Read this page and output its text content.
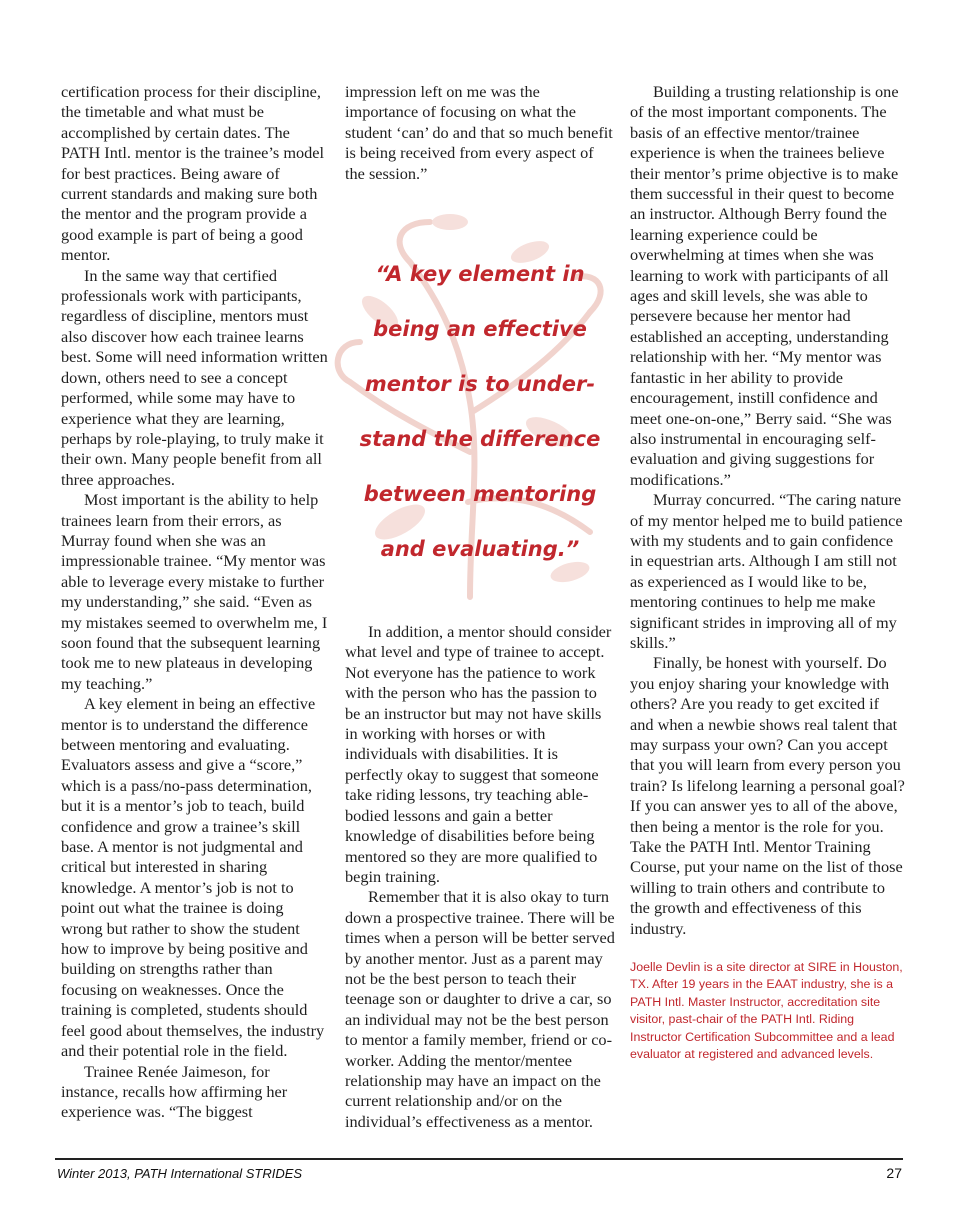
certification process for their discipline, the timetable and what must be accomplished by certain dates. The PATH Intl. mentor is the trainee’s model for best practices. Being aware of current standards and making sure both the mentor and the program provide a good example is part of being a good mentor.

In the same way that certified professionals work with participants, regardless of discipline, mentors must also discover how each trainee learns best. Some will need information written down, others need to see a concept performed, while some may have to experience what they are learning, perhaps by role-playing, to truly make it their own. Many people benefit from all three approaches.

Most important is the ability to help trainees learn from their errors, as Murray found when she was an impressionable trainee. “My mentor was able to leverage every mistake to further my understanding,” she said. “Even as my mistakes seemed to overwhelm me, I soon found that the subsequent learning took me to new plateaus in developing my teaching.”

A key element in being an effective mentor is to understand the difference between mentoring and evaluating. Evaluators assess and give a “score,” which is a pass/no-pass determination, but it is a mentor’s job to teach, build confidence and grow a trainee’s skill base. A mentor is not judgmental and critical but interested in sharing knowledge. A mentor’s job is not to point out what the trainee is doing wrong but rather to show the student how to improve by being positive and building on strengths rather than focusing on weaknesses. Once the training is completed, students should feel good about themselves, the industry and their potential role in the field.

Trainee Renée Jaimeson, for instance, recalls how affirming her experience was. “The biggest

impression left on me was the importance of focusing on what the student ‘can’ do and that so much benefit is being received from every aspect of the session.”

“A key element in
being an effective
mentor is to under-
stand the difference
between mentoring
and evaluating.”

In addition, a mentor should consider what level and type of trainee to accept. Not everyone has the patience to work with the person who has the passion to be an instructor but may not have skills in working with horses or with individuals with disabilities. It is perfectly okay to suggest that someone take riding lessons, try teaching able-bodied lessons and gain a better knowledge of disabilities before being mentored so they are more qualified to begin training.

Remember that it is also okay to turn down a prospective trainee. There will be times when a person will be better served by another mentor. Just as a parent may not be the best person to teach their teenage son or daughter to drive a car, so an individual may not be the best person to mentor a family member, friend or co-worker. Adding the mentor/mentee relationship may have an impact on the current relationship and/or on the individual’s effectiveness as a mentor.

Building a trusting relationship is one of the most important components. The basis of an effective mentor/trainee experience is when the trainees believe their mentor’s prime objective is to make them successful in their quest to become an instructor. Although Berry found the learning experience could be overwhelming at times when she was learning to work with participants of all ages and skill levels, she was able to persevere because her mentor had established an accepting, understanding relationship with her. “My mentor was fantastic in her ability to provide encouragement, instill confidence and meet one-on-one,” Berry said. “She was also instrumental in encouraging self-evaluation and giving suggestions for modifications.”

Murray concurred. “The caring nature of my mentor helped me to build patience with my students and to gain confidence in equestrian arts. Although I am still not as experienced as I would like to be, mentoring continues to help me make significant strides in improving all of my skills.”

Finally, be honest with yourself. Do you enjoy sharing your knowledge with others? Are you ready to get excited if and when a newbie shows real talent that may surpass your own? Can you accept that you will learn from every person you train? Is lifelong learning a personal goal? If you can answer yes to all of the above, then being a mentor is the role for you. Take the PATH Intl. Mentor Training Course, put your name on the list of those willing to train others and contribute to the growth and effectiveness of this industry.

Joelle Devlin is a site director at SIRE in Houston, TX. After 19 years in the EAAT industry, she is a PATH Intl. Master Instructor, accreditation site visitor, past-chair of the PATH Intl. Riding Instructor Certification Subcommittee and a lead evaluator at registered and advanced levels.

Winter 2013, PATH International STRIDES	27
